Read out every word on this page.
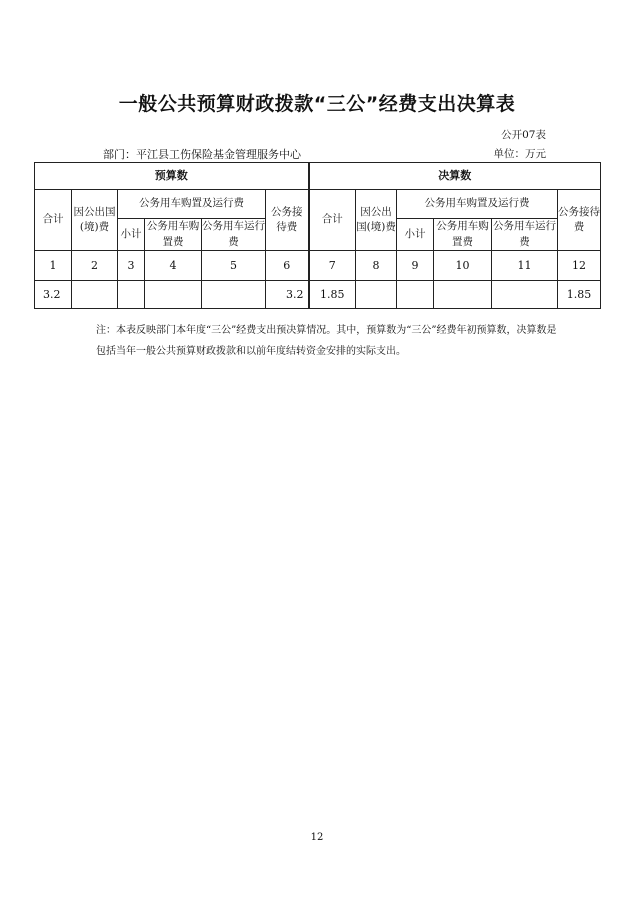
一般公共预算财政拨款“三公”经费支出决算表
公开07表
部门：平江县工伤保险基金管理服务中心	单位：万元
预算数						决算数					
合计	因公出国(境)费	公务用车购置及运行费			公务接待费	合计	因公出国(境)费	公务用车购置及运行费			公务接待费
		小计	公务用车购置费	公务用车运行费				小计	公务用车购置费	公务用车运行费	
1	2	3	4	5	6	7	8	9	10	11	12
3.2					3.2	1.85					1.85
注：本表反映部门本年度“三公”经费支出预决算情况。其中，预算数为“三公”经费年初预算数，决算数是包括当年一般公共预算财政拨款和以前年度结转资金安排的实际支出。
12
